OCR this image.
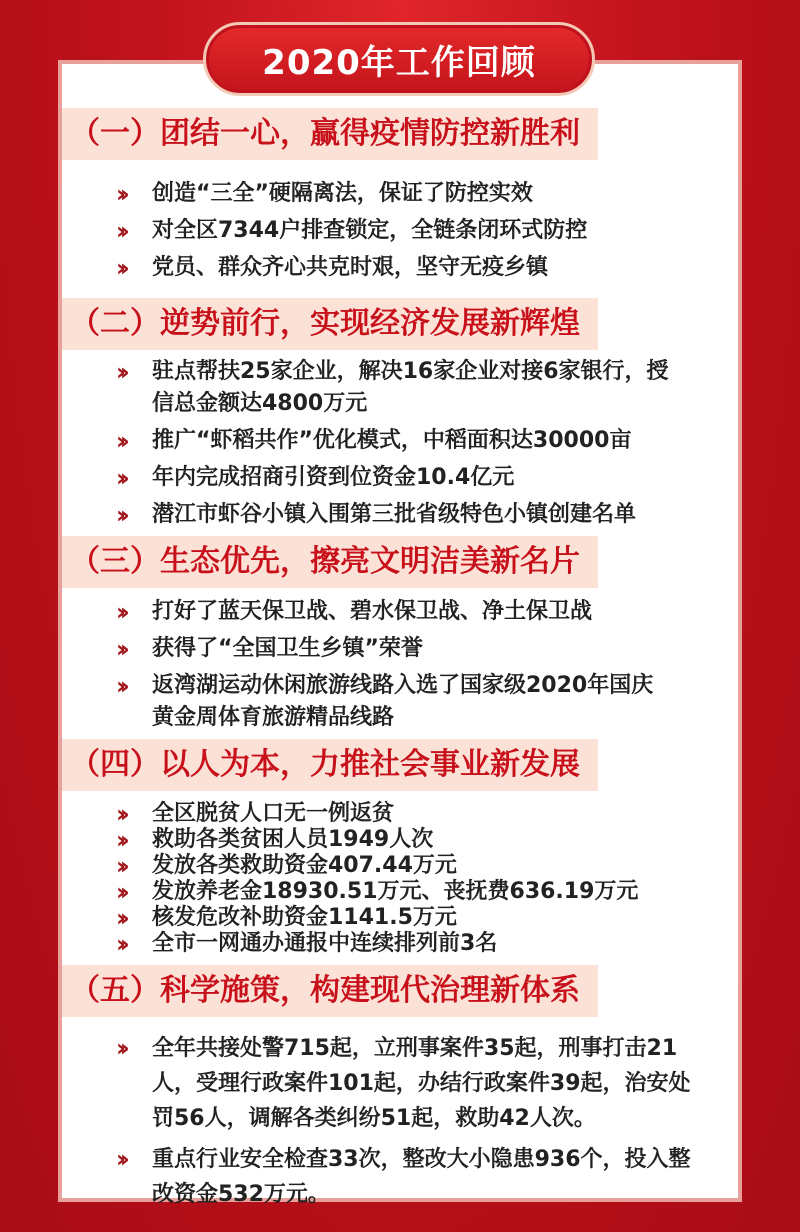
2020年工作回顾
（一）团结一心，赢得疫情防控新胜利
›› 创造“三全”硬隔离法，保证了防控实效
›› 对全区7344户排查锁定，全链条闭环式防控
›› 党员、群众齐心共克时艰，坚守无疫乡镇
（二）逆势前行，实现经济发展新辉煌
›› 驻点帮扶25家企业，解决16家企业对接6家银行，授信总金额达4800万元
›› 推广“虾稻共作”优化模式，中稻面积达30000亩
›› 年内完成招商引资到位资金10.4亿元
›› 潜江市虾谷小镇入围第三批省级特色小镇创建名单
（三）生态优先，擦亮文明洁美新名片
›› 打好了蓝天保卫战、碧水保卫战、净土保卫战
›› 获得了“全国卫生乡镇”荣誉
›› 返湾湖运动休闲旅游线路入选了国家级2020年国庆黄金周体育旅游精品线路
（四）以人为本，力推社会事业新发展
›› 全区脱贫人口无一例返贫
›› 救助各类贫困人员1949人次
›› 发放各类救助资金407.44万元
›› 发放养老金18930.51万元、丧抚费636.19万元
›› 核发危改补助资金1141.5万元
›› 全市一网通办通报中连续排列前3名
（五）科学施策，构建现代治理新体系
›› 全年共接处警715起，立刑事案件35起，刑事打击21人，受理行政案件101起，办结行政案件39起，治安处罚56人，调解各类纠纷51起，救助42人次。
›› 重点行业安全检查33次，整改大小隐患936个，投入整改资金532万元。
